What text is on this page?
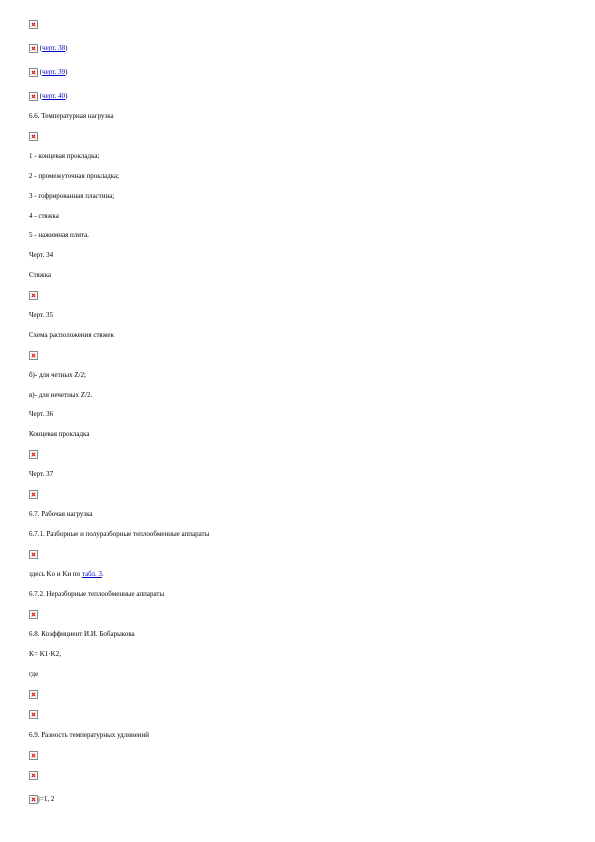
(черт. 38)
(черт. 39)
(черт. 40)
6.6. Температурная нагрузка
1 - концевая прокладка;
2 - промежуточная прокладка;
3 - гофрированная пластина;
4 - стяжка
5 - нажимная плита.
Черт. 34
Стяжка
Черт. 35
Схема расположения стяжек
б)- для четных Z/2;
в)- для нечетных Z/2.
Черт. 36
Концевая прокладка
Черт. 37
6.7. Рабочая нагрузка
6.7.1. Разборные и полуразборные теплообменные аппараты
здесь Kо и Kи по табл. 3.
6.7.2. Неразборные теплообменные аппараты
6.8. Коэффициент И.И. Бобарыкова
K= K1·K2,
где
6.9. Разность температурных удлинений
j=1, 2
